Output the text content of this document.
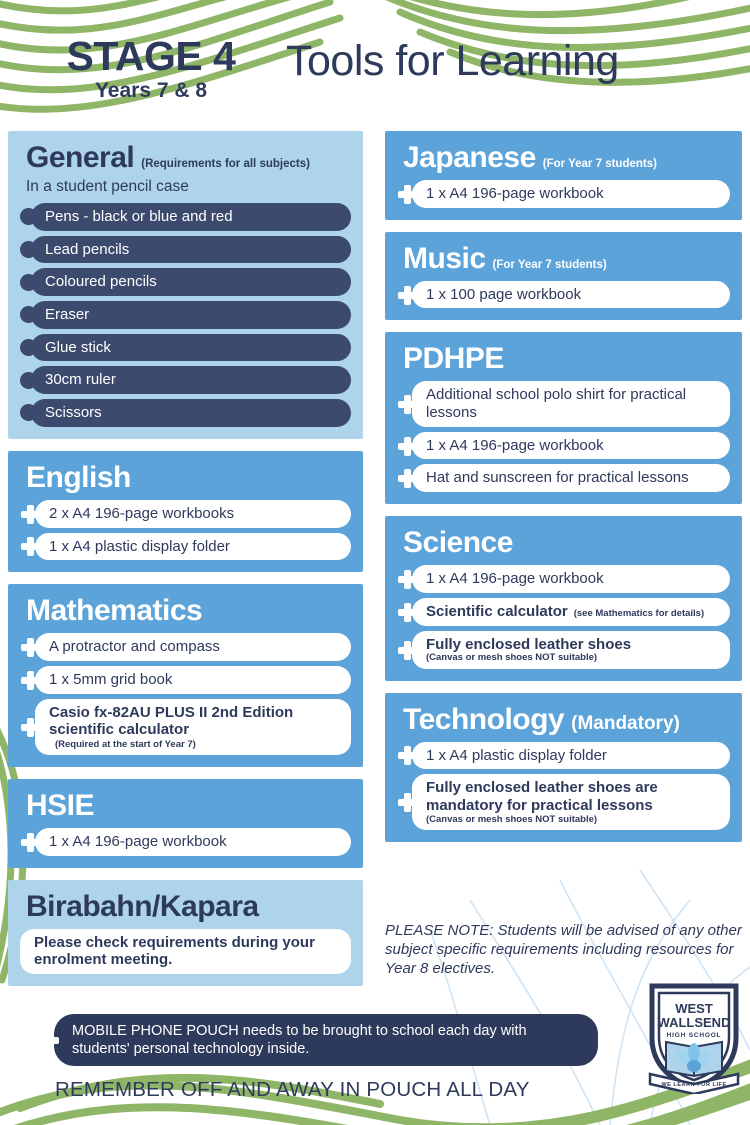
STAGE 4
Years 7 & 8
Tools for Learning
General (Requirements for all subjects)
In a student pencil case
Pens - black or blue and red
Lead pencils
Coloured pencils
Eraser
Glue stick
30cm ruler
Scissors
English
2 x A4 196-page workbooks
1 x A4 plastic display folder
Mathematics
A protractor and compass
1 x 5mm grid book
Casio fx-82AU PLUS II 2nd Edition scientific calculator
(Required at the start of Year 7)
HSIE
1 x A4 196-page workbook
Birabahn/Kapara
Please check requirements during your enrolment meeting.
Japanese (For Year 7 students)
1 x A4 196-page workbook
Music (For Year 7 students)
1 x 100 page workbook
PDHPE
Additional school polo shirt for practical lessons
1 x A4 196-page workbook
Hat and sunscreen for practical lessons
Science
1 x A4 196-page workbook
Scientific calculator (see Mathematics for details)
Fully enclosed leather shoes
(Canvas or mesh shoes NOT suitable)
Technology (Mandatory)
1 x A4 plastic display folder
Fully enclosed leather shoes are mandatory for practical lessons
(Canvas or mesh shoes NOT suitable)
PLEASE NOTE: Students will be advised of any other subject specific requirements including resources for Year 8 electives.
MOBILE PHONE POUCH needs to be brought to school each day with students' personal technology inside.
REMEMBER OFF AND AWAY IN POUCH ALL DAY
WEST
WALLSEND
HIGH SCHOOL
WE LEARN FOR LIFE
